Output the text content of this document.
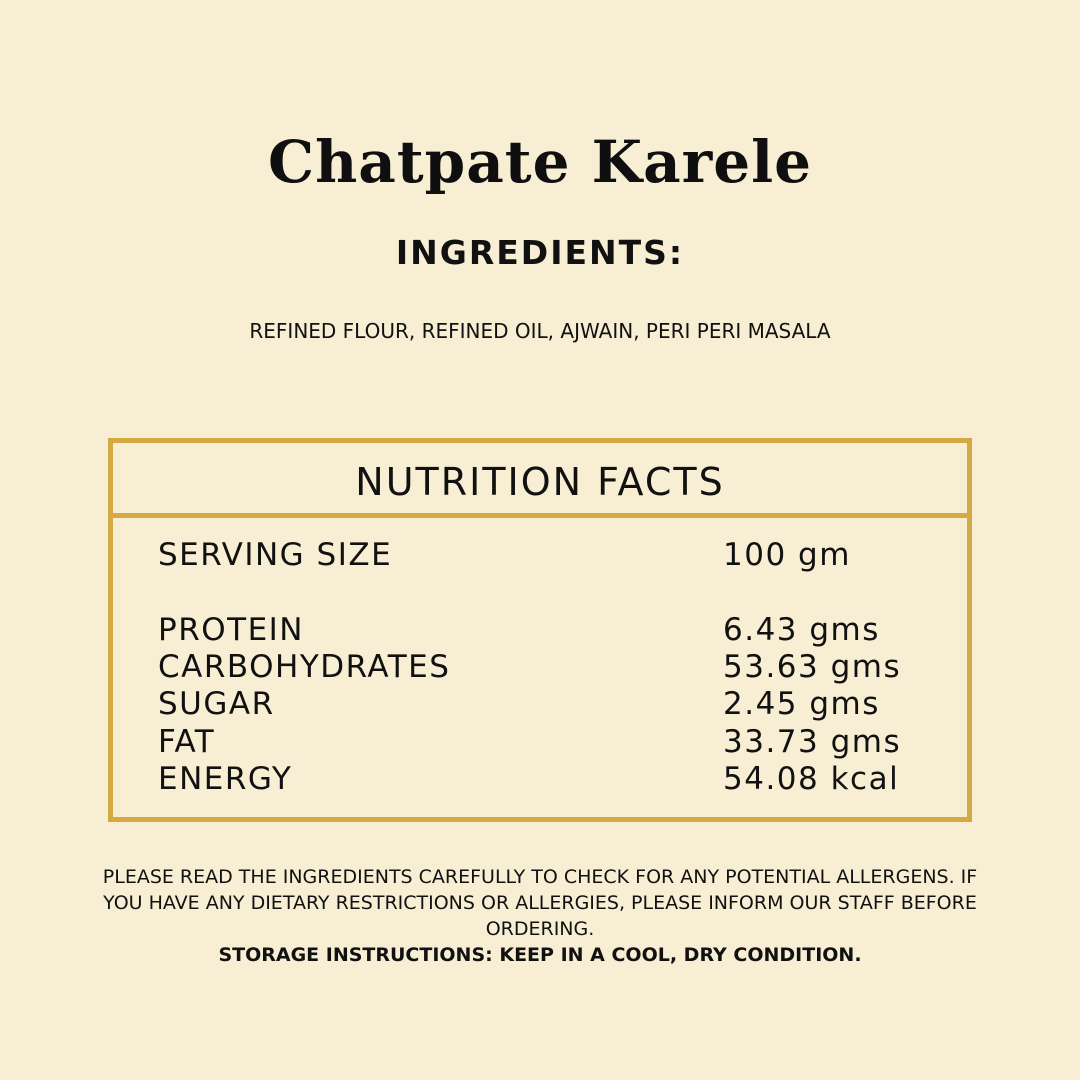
Chatpate Karele
INGREDIENTS:
REFINED FLOUR, REFINED OIL, AJWAIN, PERI PERI MASALA
NUTRITION FACTS
SERVING SIZE	100 gm
PROTEIN	6.43 gms
CARBOHYDRATES	53.63 gms
SUGAR	2.45 gms
FAT	33.73 gms
ENERGY	54.08 kcal
PLEASE READ THE INGREDIENTS CAREFULLY TO CHECK FOR ANY POTENTIAL ALLERGENS. IF YOU HAVE ANY DIETARY RESTRICTIONS OR ALLERGIES, PLEASE INFORM OUR STAFF BEFORE ORDERING.
STORAGE INSTRUCTIONS: KEEP IN A COOL, DRY CONDITION.
